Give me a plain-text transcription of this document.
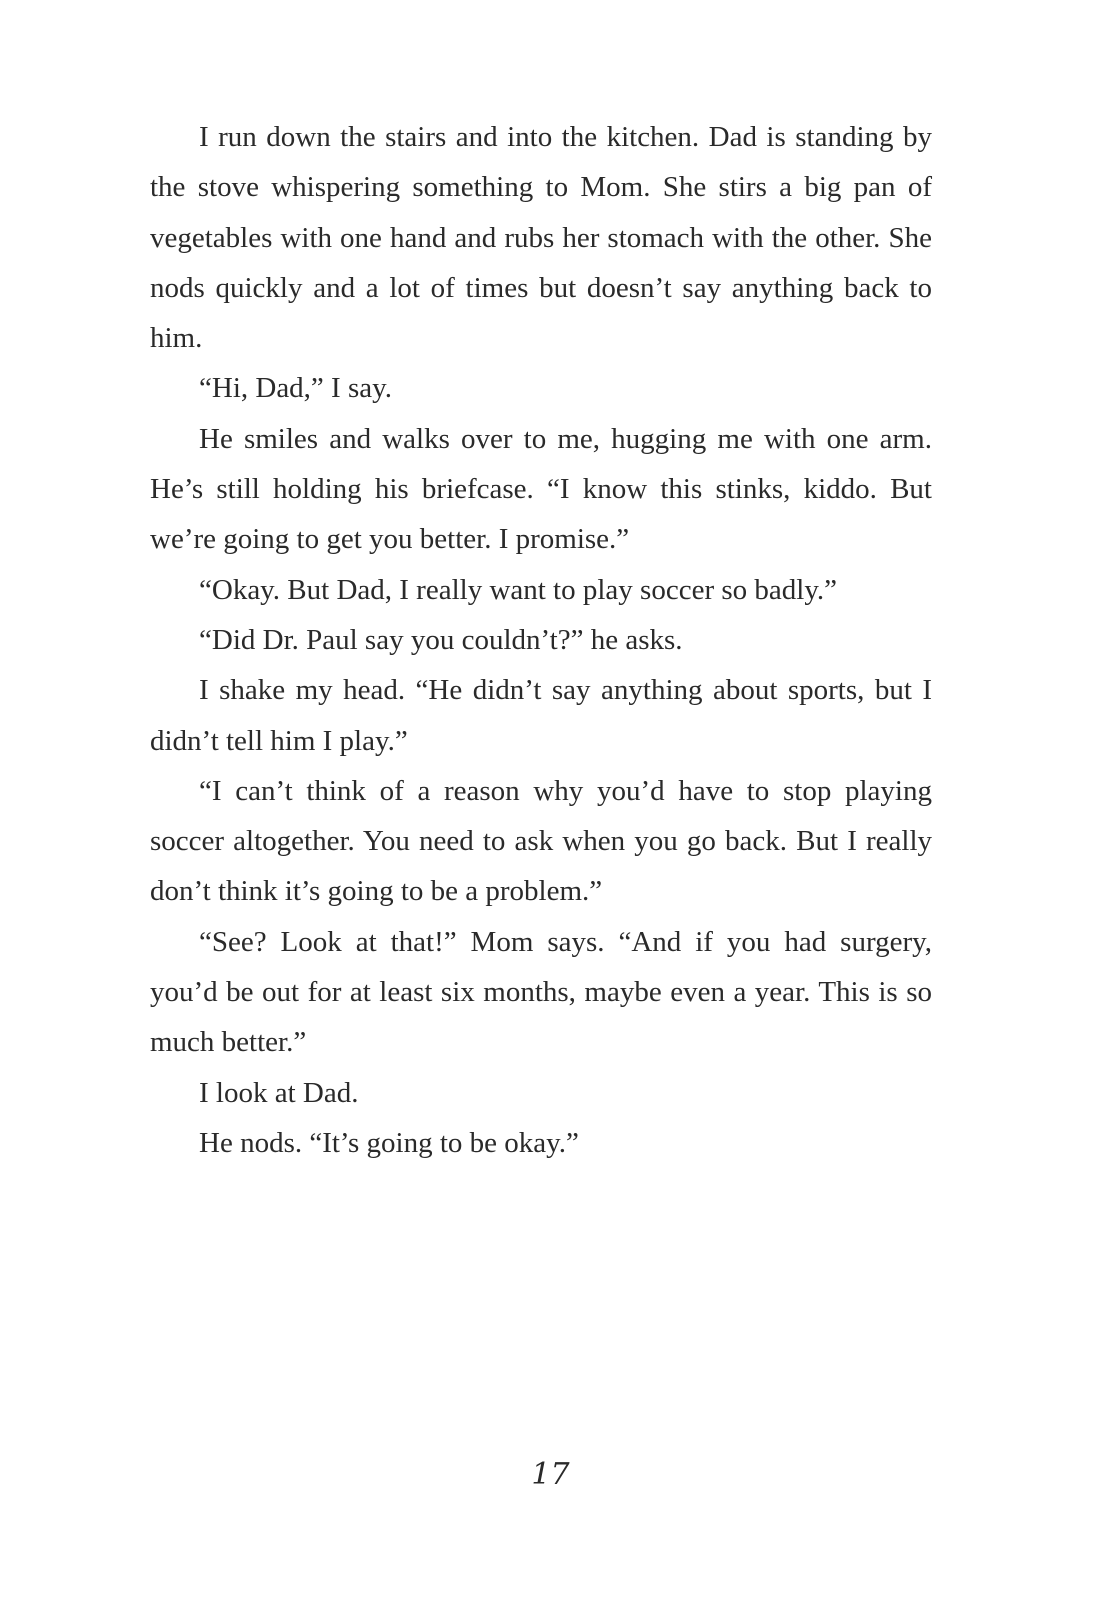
I run down the stairs and into the kitchen. Dad is standing by the stove whispering something to Mom. She stirs a big pan of vegetables with one hand and rubs her stomach with the other. She nods quickly and a lot of times but doesn’t say anything back to him.

“Hi, Dad,” I say.

He smiles and walks over to me, hugging me with one arm. He’s still holding his briefcase. “I know this stinks, kiddo. But we’re going to get you better. I promise.”

“Okay. But Dad, I really want to play soccer so badly.”

“Did Dr. Paul say you couldn’t?” he asks.

I shake my head. “He didn’t say anything about sports, but I didn’t tell him I play.”

“I can’t think of a reason why you’d have to stop playing soccer altogether. You need to ask when you go back. But I really don’t think it’s going to be a problem.”

“See? Look at that!” Mom says. “And if you had surgery, you’d be out for at least six months, maybe even a year. This is so much better.”

I look at Dad.

He nods. “It’s going to be okay.”

17
